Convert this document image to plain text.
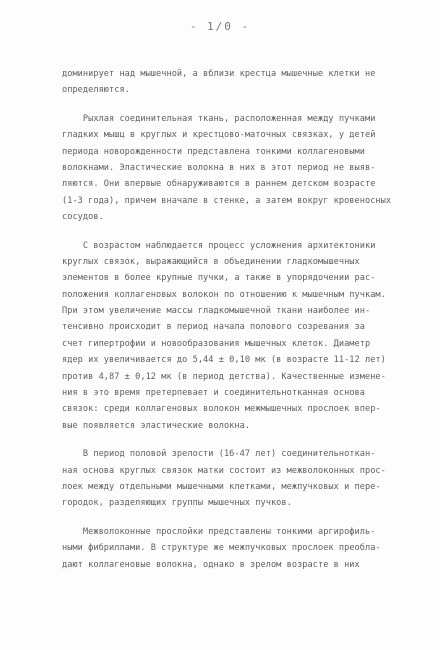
- 1/0 -
доминирует над мышечной, а вблизи крестца мышечные клетки не
определяются.
Рыхлая соединительная ткань, расположенная между пучками
гладких мышц в круглых и крестцово-маточных связках, у детей
периода новорожденности представлена тонкими коллагеновыми
волокнами. Эластические волокна в них в этот период не выяв-
ляются. Они впервые обнаруживаются в раннем детском возрасте
(1-3 года), причем вначале в стенке, а затем вокруг кровеносных
сосудов.
С возрастом наблюдается процесс усложнения архитектоники
круглых связок, выражающийся в объединении гладкомышечных
элементов в более крупные пучки, а также в упорядочении рас-
положения коллагеновых волокон по отношению к мышечным пучкам.
При этом увеличение массы гладкомышечной ткани наиболее ин-
тенсивно происходит в период начала полового созревания за
счет гипертрофии и новообразования мышечных клеток. Диаметр
ядер их увеличивается до 5,44 ± 0,10 мк (в возрасте 11-12 лет)
против 4,87 ± 0,12 мк (в период детства). Качественные измене-
ния в это время претерпевает и соединительнотканная основа
связок: среди коллагеновых волокон межмышечных прослоек впер-
вые появляется эластические волокна.
В период половой зрелости (16-47 лет) соединительноткан-
ная основа круглых связок матки состоит из межволоконных прос-
лоек между отдельными мышечными клетками, межпучковых и пере-
городок, разделяющих группы мышечных пучков.
Межволоконные прослойки представлены тонкими аргирофиль-
ными фибриллами. В структуре же межпучковых прослоек преобла-
дают коллагеновые волокна, однако в зрелом возрасте в них
